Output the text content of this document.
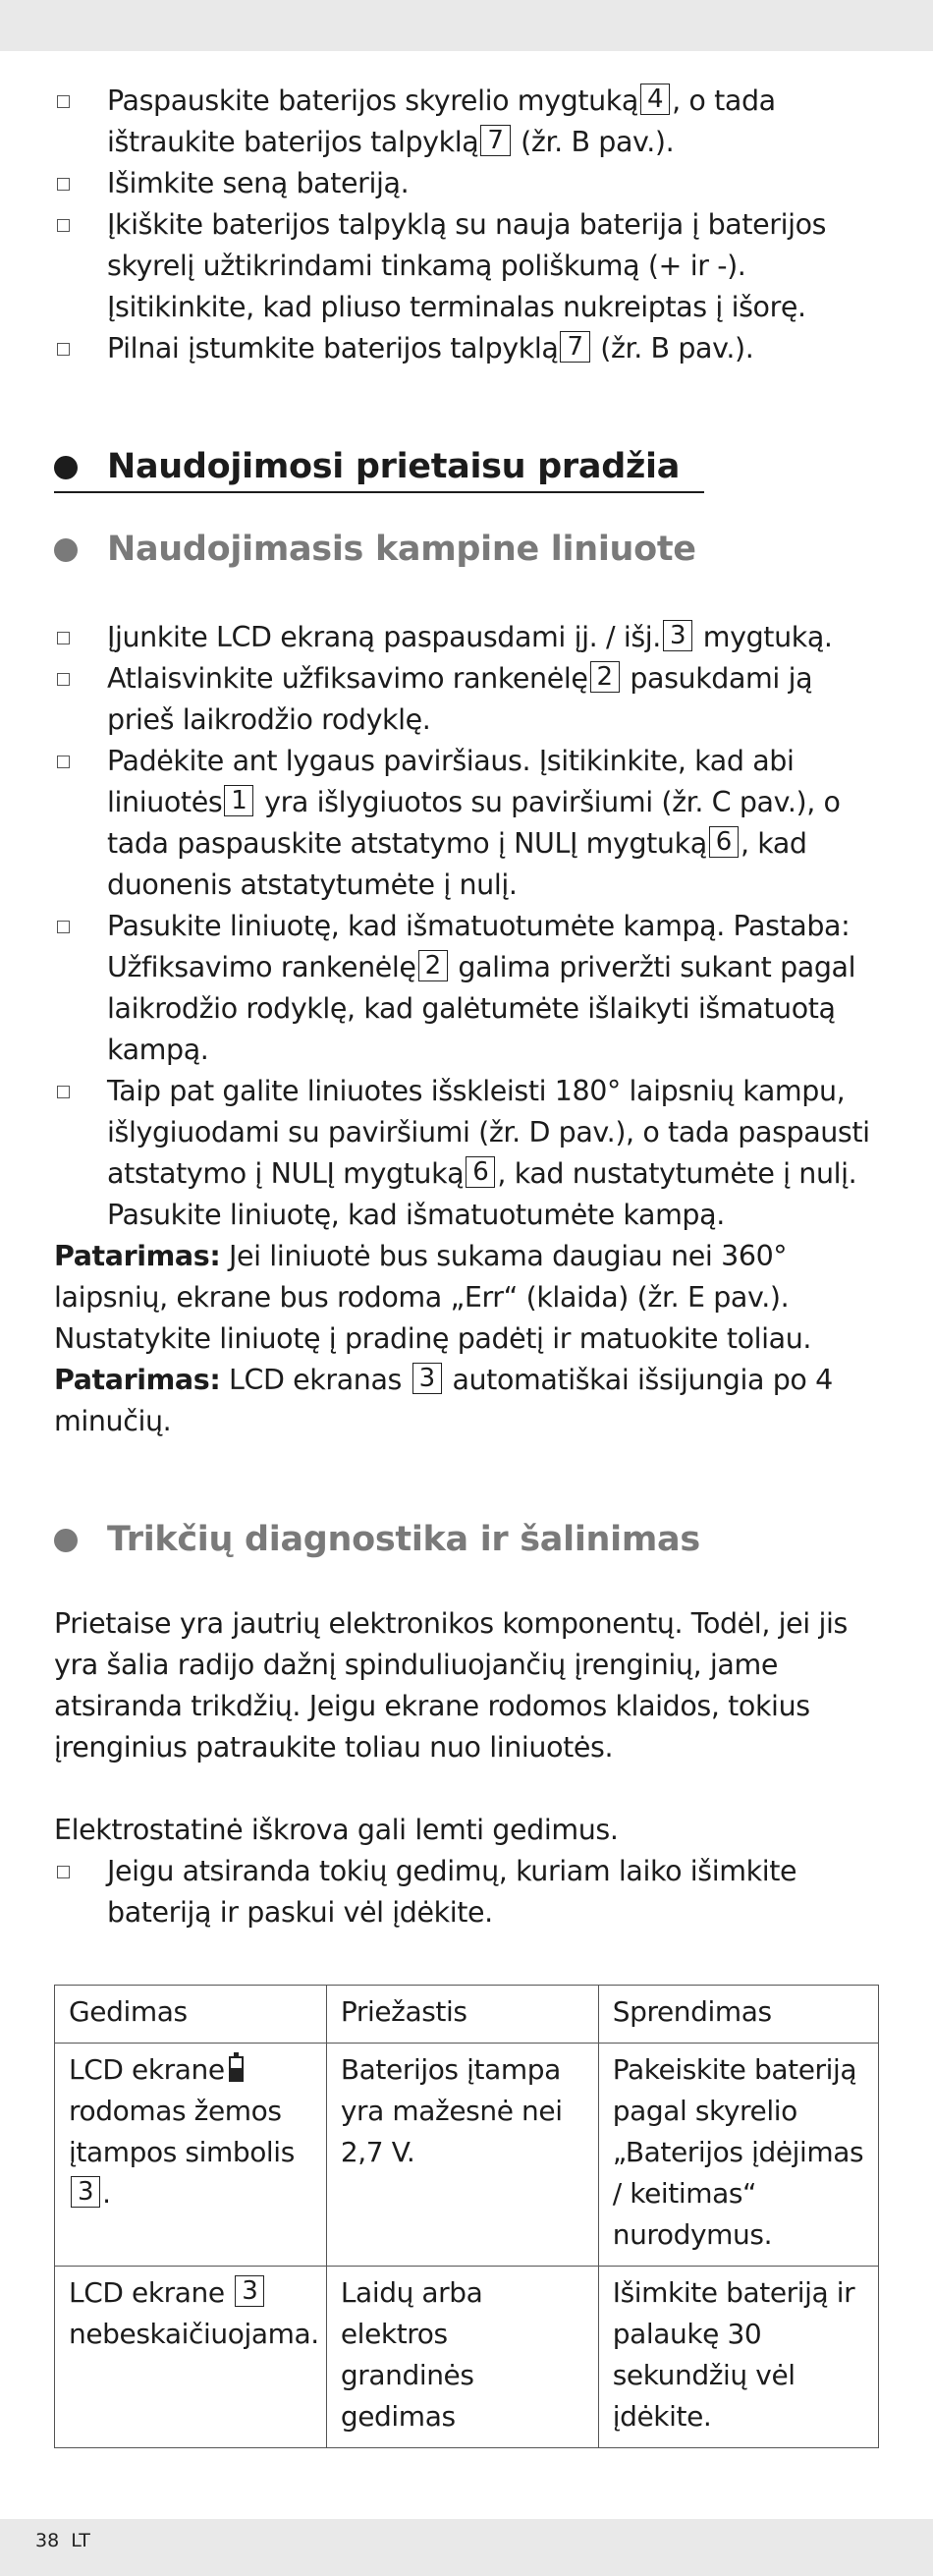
Paspauskite baterijos skyrelio mygtuką 4 , o tada ištraukite baterijos talpyklą 7 (žr. B pav.).
Išimkite seną bateriją.
Įkiškite baterijos talpyklą su nauja baterija į baterijos skyrelį užtikrindami tinkamą poliškumą (+ ir -). Įsitikinkite, kad pliuso terminalas nukreiptas į išorę.
Pilnai įstumkite baterijos talpyklą 7 (žr. B pav.).
Naudojimosi prietaisu pradžia
Naudojimasis kampine liniuote
Įjunkite LCD ekraną paspausdami įj. / išj. 3 mygtuką.
Atlaisvinkite užfiksavimo rankenėlę 2 pasukdami ją prieš laikrodžio rodyklę.
Padėkite ant lygaus paviršiaus. Įsitikinkite, kad abi liniuotės 1 yra išlygiuotos su paviršiumi (žr. C pav.), o tada paspauskite atstatymo į NULĮ mygtuką 6 , kad duonenis atstatytumėte į nulį.
Pasukite liniuotę, kad išmatuotumėte kampą. Pastaba: Užfiksavimo rankenėlę 2 galima priveržti sukant pagal laikrodžio rodyklę, kad galėtumėte išlaikyti išmatuotą kampą.
Taip pat galite liniuotes išskleisti 180° laipsnių kampu, išlygiuodami su paviršiumi (žr. D pav.), o tada paspausti atstatymo į NULĮ mygtuką 6 , kad nustatytumėte į nulį. Pasukite liniuotę, kad išmatuotumėte kampą.
Patarimas: Jei liniuotė bus sukama daugiau nei 360° laipsnių, ekrane bus rodoma „Err“ (klaida) (žr. E pav.). Nustatykite liniuotę į pradinę padėtį ir matuokite toliau.
Patarimas: LCD ekranas 3 automatiškai išsijungia po 4 minučių.
Trikčių diagnostika ir šalinimas
Prietaise yra jautrių elektronikos komponentų. Todėl, jei jis yra šalia radijo dažnį spinduliuojančių įrenginių, jame atsiranda trikdžių. Jeigu ekrane rodomos klaidos, tokius įrenginius patraukite toliau nuo liniuotės.
Elektrostatinė iškrova gali lemti gedimus.
Jeigu atsiranda tokių gedimų, kuriam laiko išimkite bateriją ir paskui vėl įdėkite.
Gedimas	Priežastis	Sprendimas
LCD ekrane
rodomas žemos įtampos simbolis
3 .	Baterijos įtampa yra mažesnė nei 2,7 V.	Pakeiskite bateriją pagal skyrelio „Baterijos įdėjimas / keitimas“ nurodymus.
LCD ekrane 3
nebeskaičiuojama.	Laidų arba elektros grandinės gedimas	Išimkite bateriją ir palaukę 30 sekundžių vėl įdėkite.
38 LT
